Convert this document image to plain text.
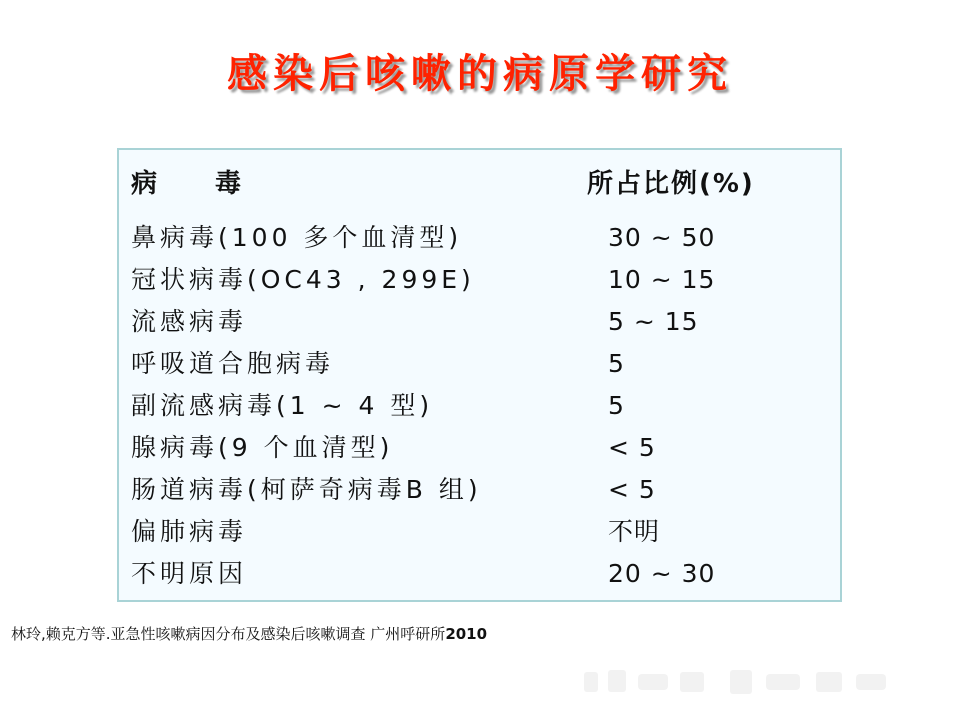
感染后咳嗽的病原学研究
病毒	所占比例(%)
鼻病毒(100 多个血清型)	30 ~ 50
冠状病毒(OC43 , 299E)	10 ~ 15
流感病毒	5 ~ 15
呼吸道合胞病毒	5
副流感病毒(1 ~ 4 型)	5
腺病毒(9 个血清型)	< 5
肠道病毒(柯萨奇病毒B 组)	< 5
偏肺病毒	不明
不明原因	20 ~ 30
林玲,赖克方等.亚急性咳嗽病因分布及感染后咳嗽调查 广州呼研所2010
